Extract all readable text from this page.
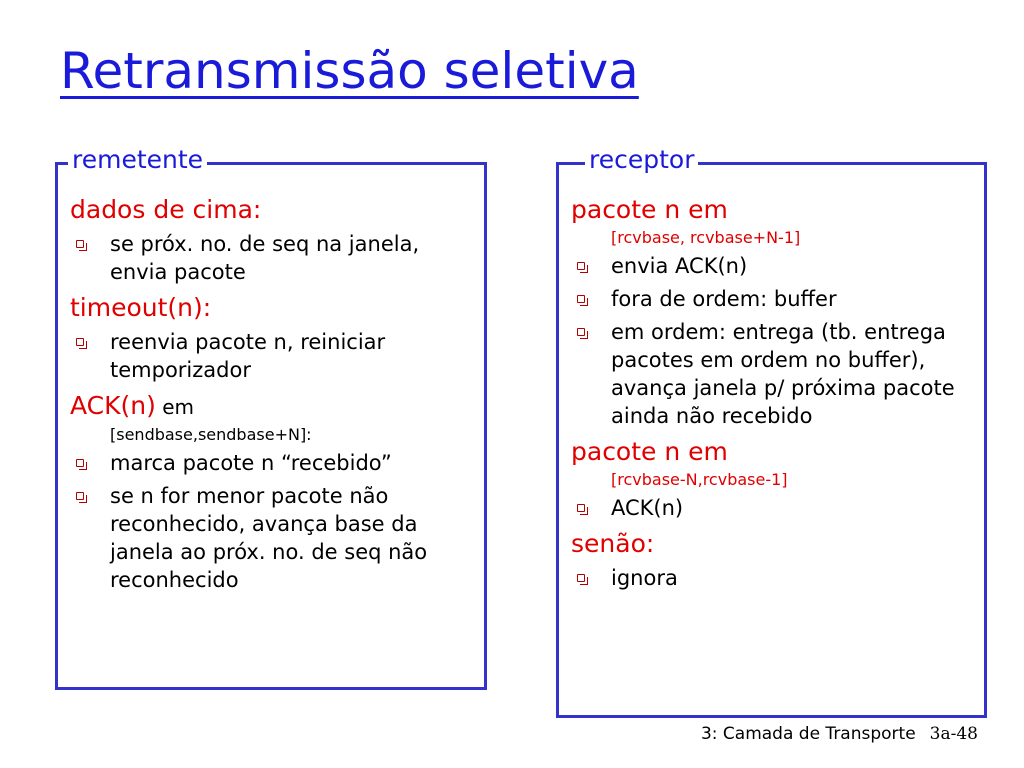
Retransmissão seletiva
remetente
dados de cima:
se próx. no. de seq na janela, envia pacote
timeout(n):
reenvia pacote n, reiniciar temporizador
ACK(n) em
[sendbase,sendbase+N]:
marca pacote n “recebido”
se n for menor pacote não reconhecido, avança base da janela ao próx. no. de seq não reconhecido
receptor
pacote n em
[rcvbase, rcvbase+N-1]
envia ACK(n)
fora de ordem: buffer
em ordem: entrega (tb. entrega pacotes em ordem no buffer), avança janela p/ próxima pacote ainda não recebido
pacote n em
[rcvbase-N,rcvbase-1]
ACK(n)
senão:
ignora
3: Camada de Transporte 3a-48
